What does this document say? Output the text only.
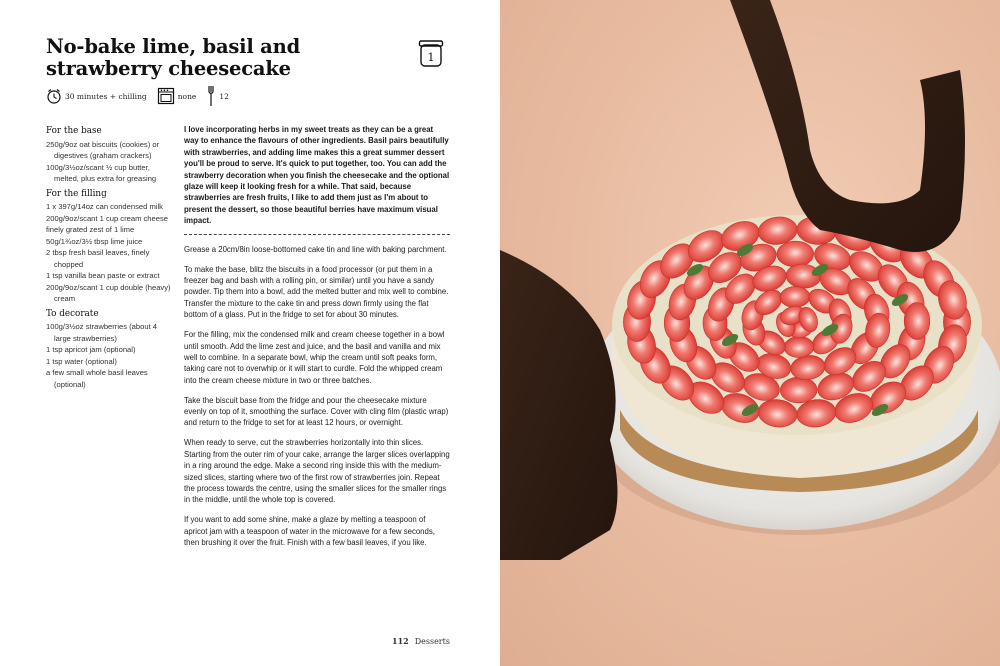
No-bake lime, basil and strawberry cheesecake	1
30 minutes + chilling	none	12
For the base
250g/9oz oat biscuits (cookies) or digestives (graham crackers)
100g/3½oz/scant ½ cup butter, melted, plus extra for greasing
For the filling
1 x 397g/14oz can condensed milk
200g/9oz/scant 1 cup cream cheese
finely grated zest of 1 lime
50g/1¾oz/3½ tbsp lime juice
2 tbsp fresh basil leaves, finely chopped
1 tsp vanilla bean paste or extract
200g/9oz/scant 1 cup double (heavy) cream
To decorate
100g/3½oz strawberries (about 4 large strawberries)
1 tsp apricot jam (optional)
1 tsp water (optional)
a few small whole basil leaves (optional)

I love incorporating herbs in my sweet treats as they can be a great way to enhance the flavours of other ingredients. Basil pairs beautifully with strawberries, and adding lime makes this a great summer dessert you'll be proud to serve. It's quick to put together, too. You can add the strawberry decoration when you finish the cheesecake and the optional glaze will keep it looking fresh for a while. That said, because strawberries are fresh fruits, I like to add them just as I'm about to present the dessert, so those beautiful berries have maximum visual impact.

Grease a 20cm/8in loose-bottomed cake tin and line with baking parchment.

To make the base, blitz the biscuits in a food processor (or put them in a freezer bag and bash with a rolling pin, or similar) until you have a sandy powder. Tip them into a bowl, add the melted butter and mix well to combine. Transfer the mixture to the cake tin and press down firmly using the flat bottom of a glass. Put in the fridge to set for about 30 minutes.

For the filling, mix the condensed milk and cream cheese together in a bowl until smooth. Add the lime zest and juice, and the basil and vanilla and mix well to combine. In a separate bowl, whip the cream until soft peaks form, taking care not to overwhip or it will start to curdle. Fold the whipped cream into the cream cheese mixture in two or three batches.

Take the biscuit base from the fridge and pour the cheesecake mixture evenly on top of it, smoothing the surface. Cover with cling film (plastic wrap) and return to the fridge to set for at least 12 hours, or overnight.

When ready to serve, cut the strawberries horizontally into thin slices. Starting from the outer rim of your cake, arrange the larger slices overlapping in a ring around the edge. Make a second ring inside this with the medium-sized slices, starting where two of the first row of strawberries join. Repeat the process towards the centre, using the smaller slices for the smaller rings in the middle, until the whole top is covered.

If you want to add some shine, make a glaze by melting a teaspoon of apricot jam with a teaspoon of water in the microwave for a few seconds, then brushing it over the fruit. Finish with a few basil leaves, if you like.

112 Desserts
